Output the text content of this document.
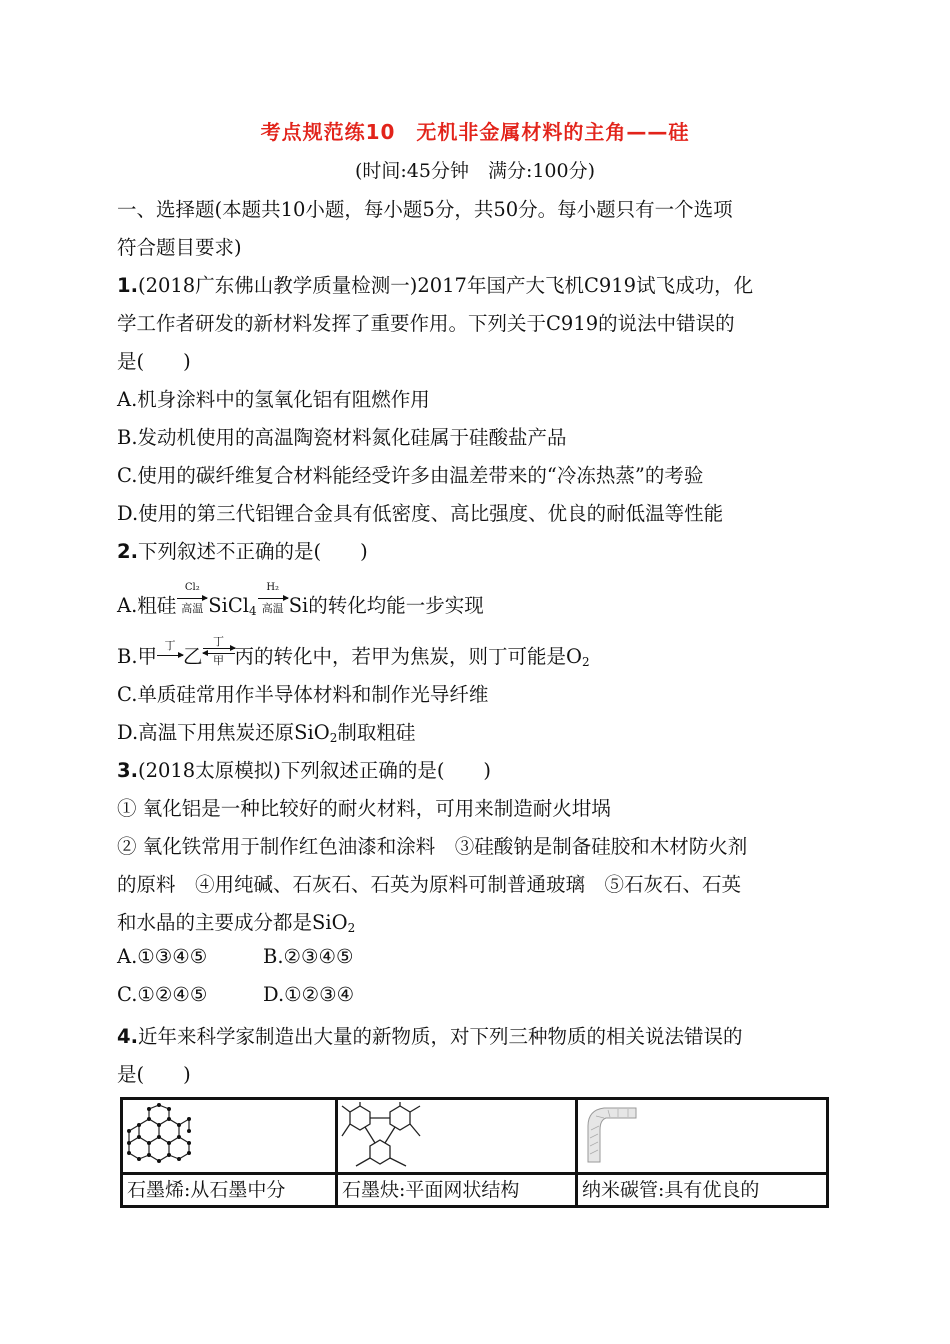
考点规范练10　无机非金属材料的主角——硅
(时间:45分钟　满分:100分)
一、选择题(本题共10小题，每小题5分，共50分。每小题只有一个选项
符合题目要求)
1.(2018广东佛山教学质量检测一)2017年国产大飞机C919试飞成功，化
学工作者研发的新材料发挥了重要作用。下列关于C919的说法中错误的
是(　　)
A.机身涂料中的氢氧化铝有阻燃作用
B.发动机使用的高温陶瓷材料氮化硅属于硅酸盐产品
C.使用的碳纤维复合材料能经受许多由温差带来的“冷冻热蒸”的考验
D.使用的第三代铝锂合金具有低密度、高比强度、优良的耐低温等性能
2.下列叙述不正确的是(　　)
A.粗硅
Cl₂
高温 SiCl$_4$
H₂
高温 Si的转化均能一步实现
B.甲 丁 乙
丁
甲 丙的转化中，若甲为焦炭，则丁可能是$O_2$
C.单质硅常用作半导体材料和制作光导纤维
D.高温下用焦炭还原SiO$_2$制取粗硅
3.(2018太原模拟)下列叙述正确的是(　　)
① 氧化铝是一种比较好的耐火材料，可用来制造耐火坩埚
② 氧化铁常用于制作红色油漆和涂料　③硅酸钠是制备硅胶和木材防火剂
的原料　④用纯碱、石灰石、石英为原料可制普通玻璃　⑤石灰石、石英
和水晶的主要成分都是SiO$_2$
A.①③④⑤	B.②③④⑤
C.①②④⑤	D.①②③④
4.近年来科学家制造出大量的新物质，对下列三种物质的相关说法错误的
是(　　)

石墨烯:从石墨中分	石墨炔:平面网状结构	纳米碳管:具有优良的
